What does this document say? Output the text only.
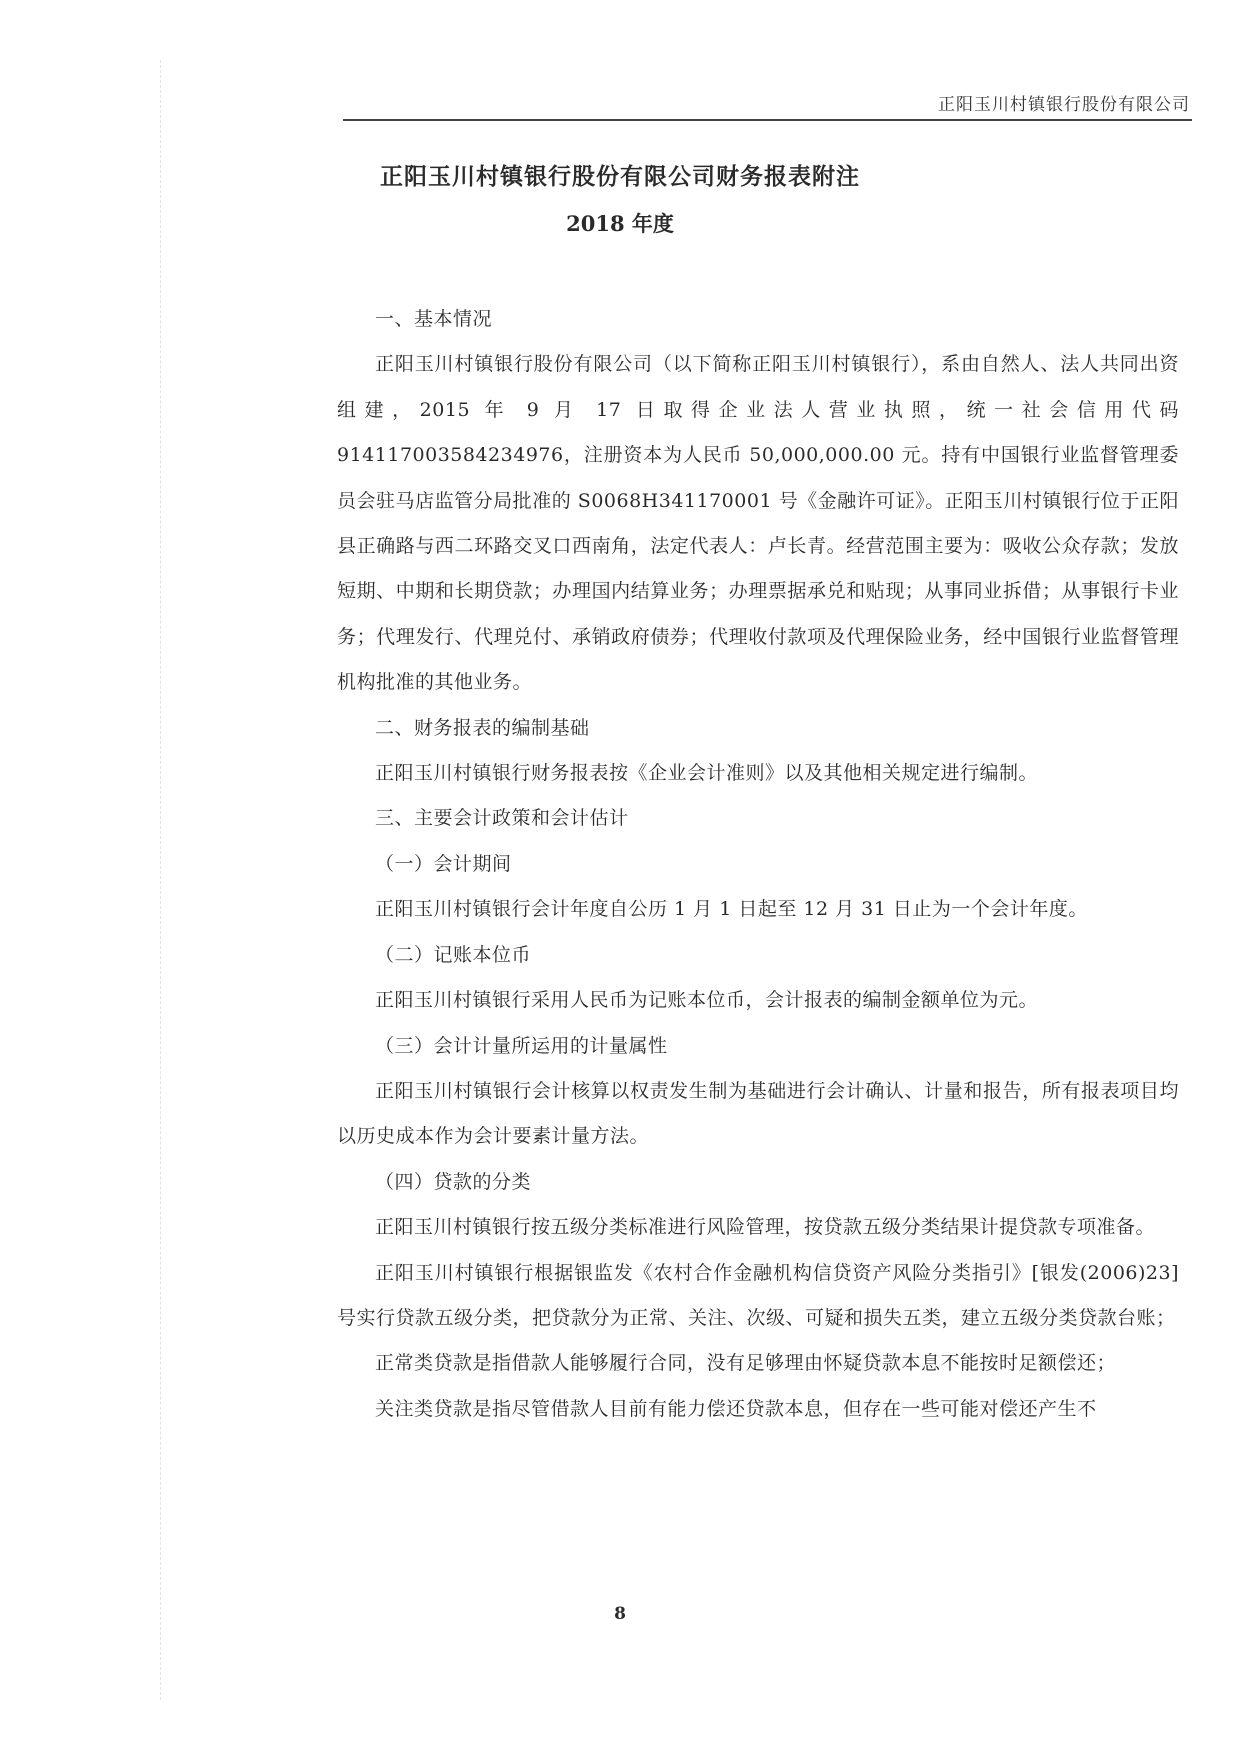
正阳玉川村镇银行股份有限公司
正阳玉川村镇银行股份有限公司财务报表附注
2018 年度

一、基本情况

正阳玉川村镇银行股份有限公司（以下简称正阳玉川村镇银行），系由自然人、法人共同出资组建，2015 年 9 月 17 日取得企业法人营业执照，统一社会信用代码914117003584234976，注册资本为人民币 50,000,000.00 元。持有中国银行业监督管理委员会驻马店监管分局批准的 S0068H341170001 号《金融许可证》。正阳玉川村镇银行位于正阳县正确路与西二环路交叉口西南角，法定代表人：卢长青。经营范围主要为：吸收公众存款；发放短期、中期和长期贷款；办理国内结算业务；办理票据承兑和贴现；从事同业拆借；从事银行卡业务；代理发行、代理兑付、承销政府债券；代理收付款项及代理保险业务，经中国银行业监督管理机构批准的其他业务。

二、财务报表的编制基础

正阳玉川村镇银行财务报表按《企业会计准则》以及其他相关规定进行编制。

三、主要会计政策和会计估计

（一）会计期间

正阳玉川村镇银行会计年度自公历 1 月 1 日起至 12 月 31 日止为一个会计年度。

（二）记账本位币

正阳玉川村镇银行采用人民币为记账本位币，会计报表的编制金额单位为元。

（三）会计计量所运用的计量属性

正阳玉川村镇银行会计核算以权责发生制为基础进行会计确认、计量和报告，所有报表项目均以历史成本作为会计要素计量方法。

（四）贷款的分类

正阳玉川村镇银行按五级分类标准进行风险管理，按贷款五级分类结果计提贷款专项准备。

正阳玉川村镇银行根据银监发《农村合作金融机构信贷资产风险分类指引》[银发(2006)23]号实行贷款五级分类，把贷款分为正常、关注、次级、可疑和损失五类，建立五级分类贷款台账；

正常类贷款是指借款人能够履行合同，没有足够理由怀疑贷款本息不能按时足额偿还；

关注类贷款是指尽管借款人目前有能力偿还贷款本息，但存在一些可能对偿还产生不

8
